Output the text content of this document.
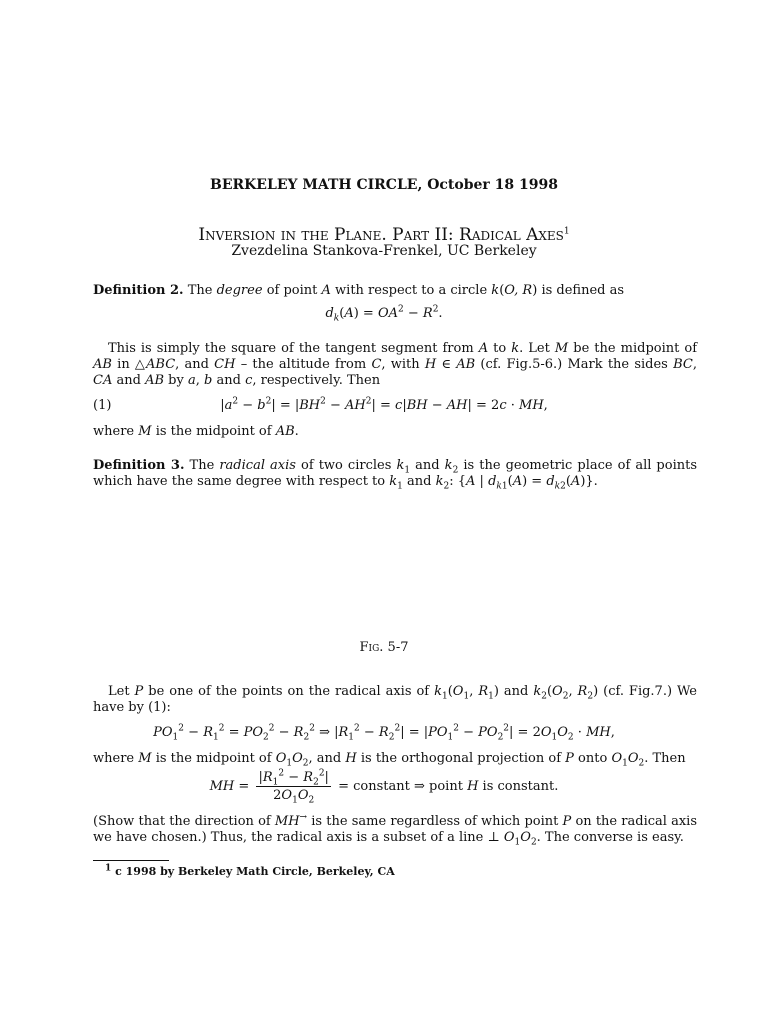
BERKELEY MATH CIRCLE, October 18 1998
Inversion in the Plane. Part II: Radical Axes$^1$
Zvezdelina Stankova-Frenkel, UC Berkeley
Definition 2. The degree of point A with respect to a circle k(O, R) is defined as
$d_k(A) = OA^2 - R^2$.
This is simply the square of the tangent segment from A to k. Let M be the midpoint of AB in △ABC, and CH – the altitude from C, with H ∈ AB (cf. Fig.5-6.) Mark the sides BC, CA and AB by a, b and c, respectively. Then
(1)	$|a^2 - b^2| = |BH^2 - AH^2| = c|BH - AH| = 2c$ · MH,
where M is the midpoint of AB.
Definition 3. The radical axis of two circles $k_1$ and $k_2$ is the geometric place of all points which have the same degree with respect to $k_1$ and $k_2$: {A | $d_{k1}(A) = d_{k2}(A)$}.
Fig. 5-7
Let P be one of the points on the radical axis of $k_1(O_1$, $R_1$) and $k_2(O_2$, $R_2$) (cf. Fig.7.) We have by (1):
$PO_1^2 - R_1^2 = PO_2^2 - R_2^2$ ⇒ $|R_1^2 - R_2^2| = |PO_1^2 - PO_2^2| = 2O_1O_2$ · MH,
where M is the midpoint of $O_1O_2$, and H is the orthogonal projection of P onto $O_1O_2$. Then
MH = $\frac{|R_1^2 - R_2^2|}{2O_1O_2}$ = constant ⇒ point H is constant.
(Show that the direction of MH→ is the same regardless of which point P on the radical axis we have chosen.) Thus, the radical axis is a subset of a line ⊥ $O_1O_2$. The converse is easy.
$^1$ c 1998 by Berkeley Math Circle, Berkeley, CA
